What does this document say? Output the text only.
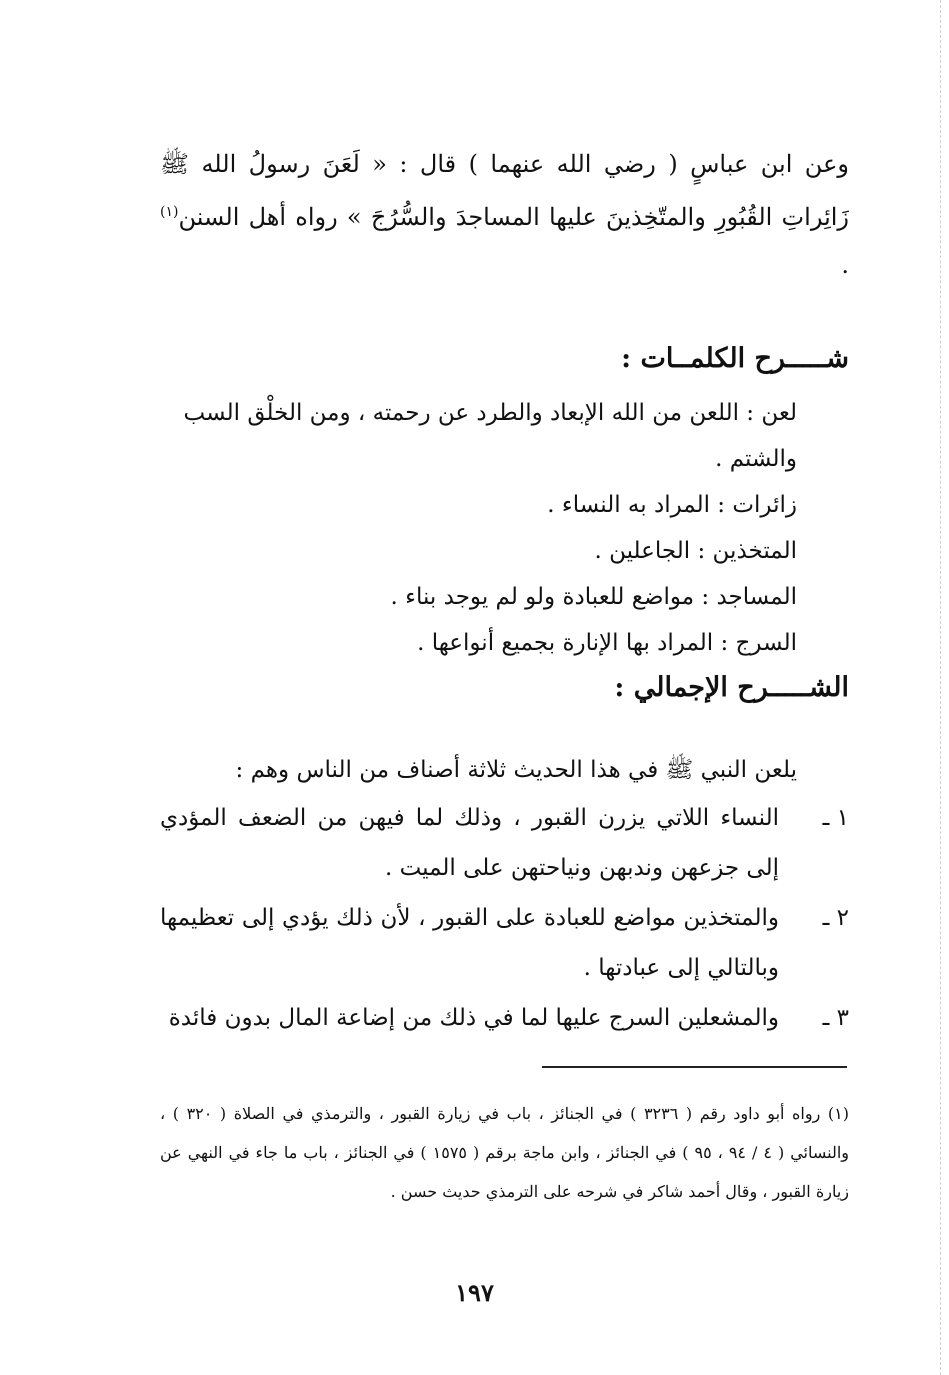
وعن ابن عباسٍ ( رضي الله عنهما ) قال : « لَعَنَ رسولُ الله ﷺ زَائِراتِ القُبُورِ والمتّخِذينَ عليها المساجدَ والسُّرُجَ » رواه أهل السنن$^{(١)}$ .

شـــــرح الكلمــات :
لعن : اللعن من الله الإبعاد والطرد عن رحمته ، ومن الخلْق السب والشتم .
زائرات : المراد به النساء .
المتخذين : الجاعلين .
المساجد : مواضع للعبادة ولو لم يوجد بناء .
السرج : المراد بها الإنارة بجميع أنواعها .
الشـــــرح الإجمالي :
يلعن النبي ﷺ في هذا الحديث ثلاثة أصناف من الناس وهم :
١ ـ
النساء اللاتي يزرن القبور ، وذلك لما فيهن من الضعف المؤدي إلى جزعهن وندبهن ونياحتهن على الميت .
٢ ـ
والمتخذين مواضع للعبادة على القبور ، لأن ذلك يؤدي إلى تعظيمها وبالتالي إلى عبادتها .
٣ ـ
والمشعلين السرج عليها لما في ذلك من إضاعة المال بدون فائدة
(١) رواه أبو داود رقم ( ٣٢٣٦ ) في الجنائز ، باب في زيارة القبور ، والترمذي في الصلاة ( ٣٢٠ ) ، والنسائي ( ٤ / ٩٤ ، ٩٥ ) في الجنائز ، وابن ماجة برقم ( ١٥٧٥ ) في الجنائز ، باب ما جاء في النهي عن زيارة القبور ، وقال أحمد شاكر في شرحه على الترمذي حديث حسن .
١٩٧
